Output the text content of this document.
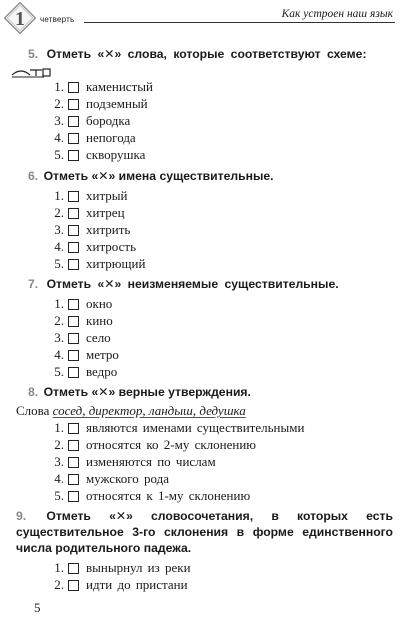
1 четверть	Как устроен наш язык
5. Отметь «✕» слова, которые соответствуют схеме:
1. каменистый
2. подземный
3. бородка
4. непогода
5. скворушка
6. Отметь «✕» имена существительные.
1. хитрый
2. хитрец
3. хитрить
4. хитрость
5. хитрющий
7. Отметь «✕» неизменяемые существительные.
1. окно
2. кино
3. село
4. метро
5. ведро
8. Отметь «✕» верные утверждения.
Слова сосед, директор, ландыш, дедушка
1. являются именами существительными
2. относятся ко 2-му склонению
3. изменяются по числам
4. мужского рода
5. относятся к 1-му склонению
9. Отметь «✕» словосочетания, в которых есть существительное 3-го склонения в форме единственного числа родительного падежа.
1. вынырнул из реки
2. идти до пристани
5
